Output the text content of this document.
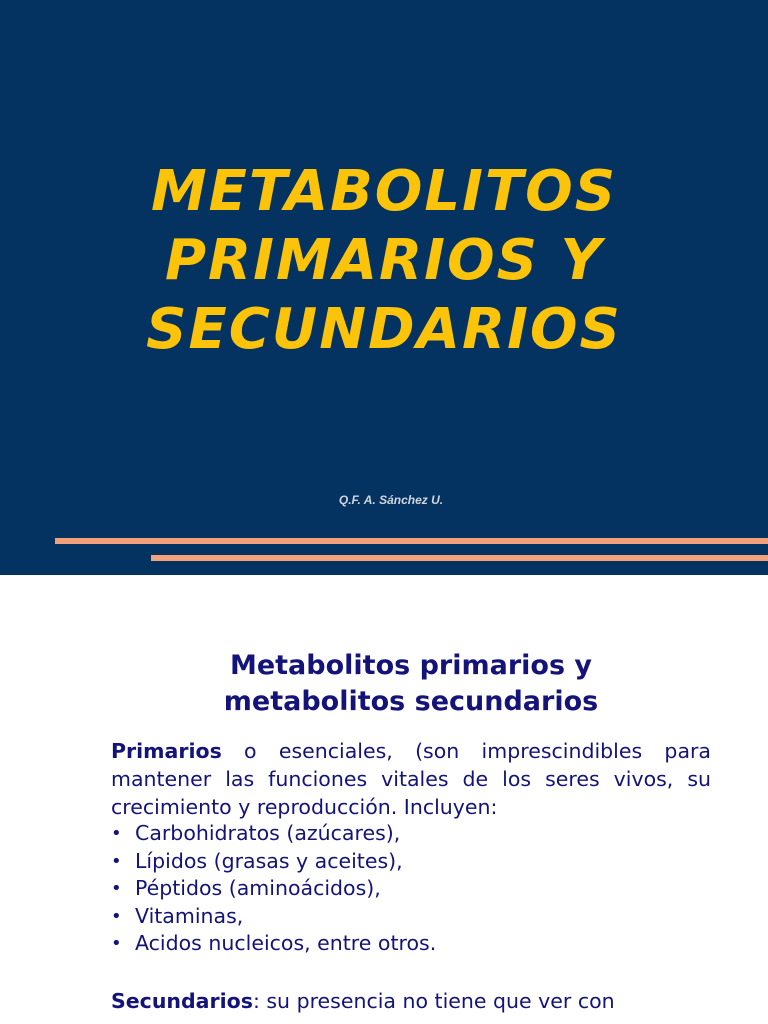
METABOLITOS
PRIMARIOS Y
SECUNDARIOS
Q.F. A. Sánchez U.
Metabolitos primarios y
metabolitos secundarios

Primarios o esenciales, (son imprescindibles para mantener las funciones vitales de los seres vivos, su crecimiento y reproducción. Incluyen:

• Carbohidratos (azúcares),
• Lípidos (grasas y aceites),
• Péptidos (aminoácidos),
• Vitaminas,
• Acidos nucleicos, entre otros.

Secundarios: su presencia no tiene que ver con
